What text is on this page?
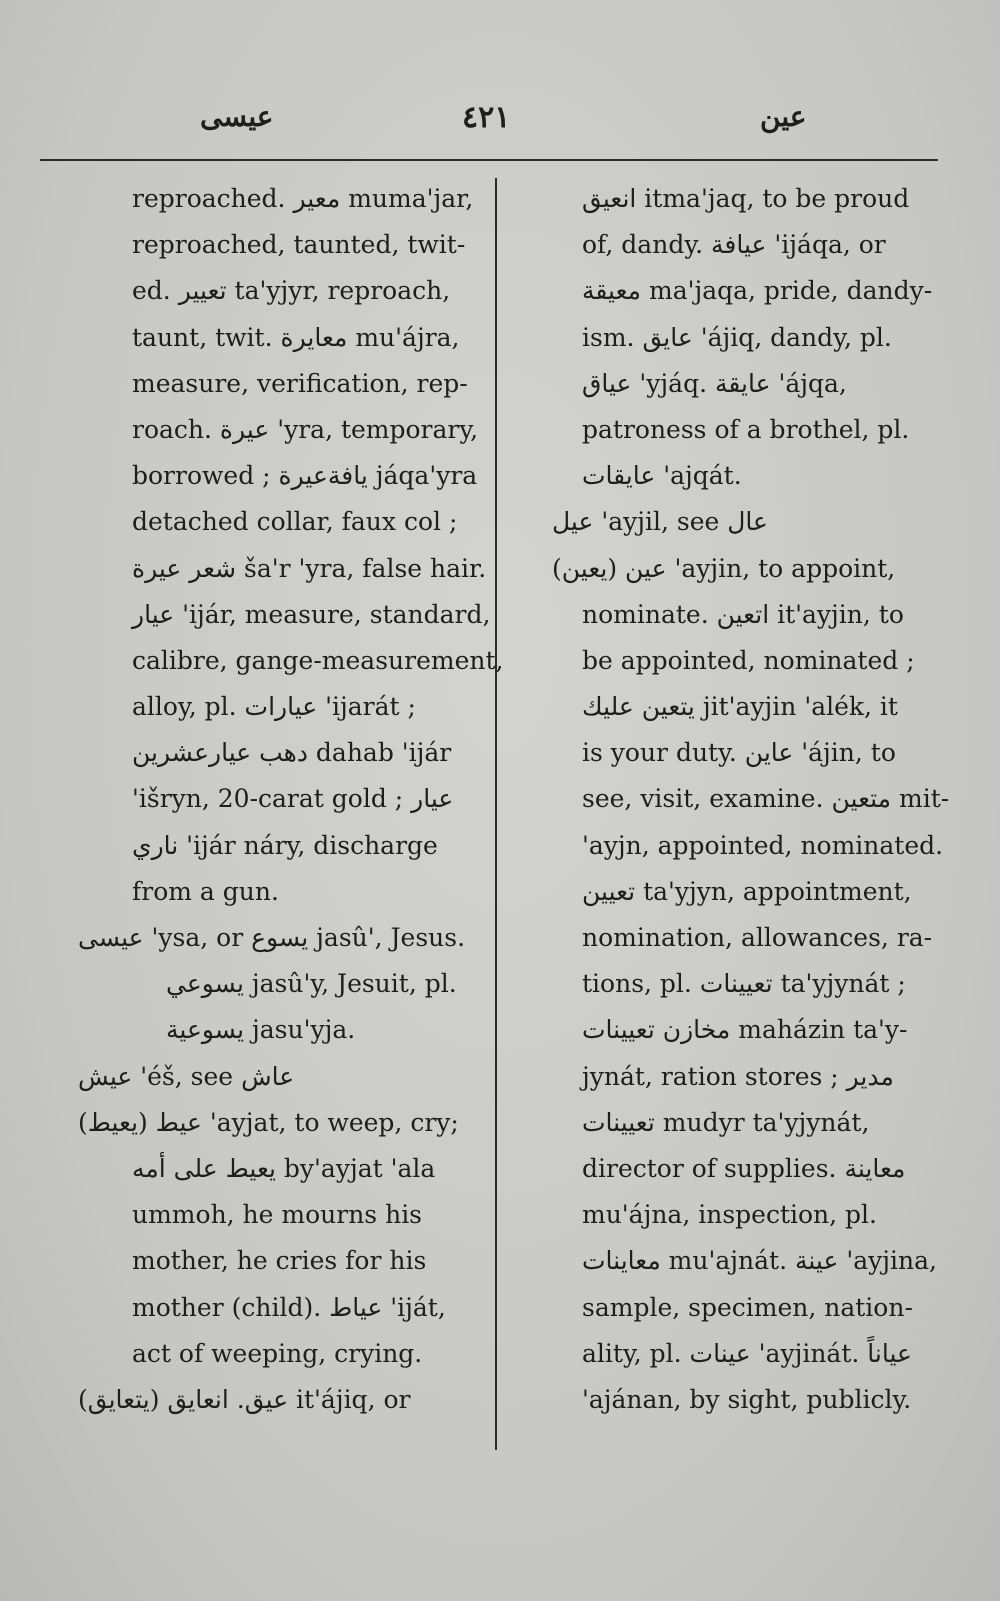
عيسى	٤٢١	عين
reproached. معير muma'jar,
reproached, taunted, twit-
ed. تعيير ta'yjyr, reproach,
taunt, twit. معايرة mu'ájra,
measure, verification, rep-
roach. عيرة 'yra, temporary,
borrowed ; يافةعيرة jáqa'yra
detached collar, faux col ;
شعر عيرة ša'r 'yra, false hair.
عيار 'ijár, measure, standard,
calibre, gange-measurement,
alloy, pl. عيارات 'ijarát ;
دهب عيارعشرين dahab 'ijár
'išryn, 20-carat gold ; عيار
ناري 'ijár náry, discharge
from a gun.
عيسى 'ysa, or يسوع jasû', Jesus.
يسوعي jasû'y, Jesuit, pl.
يسوعية jasu'yja.
عيش 'éš, see عاش
عيط (يعيط) 'ayjat, to weep, cry;
يعيط على أمه by'ayjat 'ala
ummoh, he mourns his
mother, he cries for his
mother (child). عياط 'iját,
act of weeping, crying.
عيق. انعايق (يتعايق) it'ájiq, or
انعيق itma'jaq, to be proud
of, dandy. عيافة 'ijáqa, or
معيقة ma'jaqa, pride, dandy-
ism. عايق 'ájiq, dandy, pl.
عياق 'yjáq. عايقة 'ájqa,
patroness of a brothel, pl.
عايقات 'ajqát.
عيل 'ayjil, see عال
عين (يعين) 'ayjin, to appoint,
nominate. اتعين it'ayjin, to
be appointed, nominated ;
يتعين عليك jit'ayjin 'alék, it
is your duty. عاين 'ájin, to
see, visit, examine. متعين mit-
'ayjn, appointed, nominated.
تعيين ta'yjyn, appointment,
nomination, allowances, ra-
tions, pl. تعيينات ta'yjynát ;
مخازن تعيينات maházin ta'y-
jynát, ration stores ; مدير
تعيينات mudyr ta'yjynát,
director of supplies. معاينة
mu'ájna, inspection, pl.
معاينات mu'ajnát. عينة 'ayjina,
sample, specimen, nation-
ality, pl. عينات 'ayjinát. عياناً
'ajánan, by sight, publicly.
